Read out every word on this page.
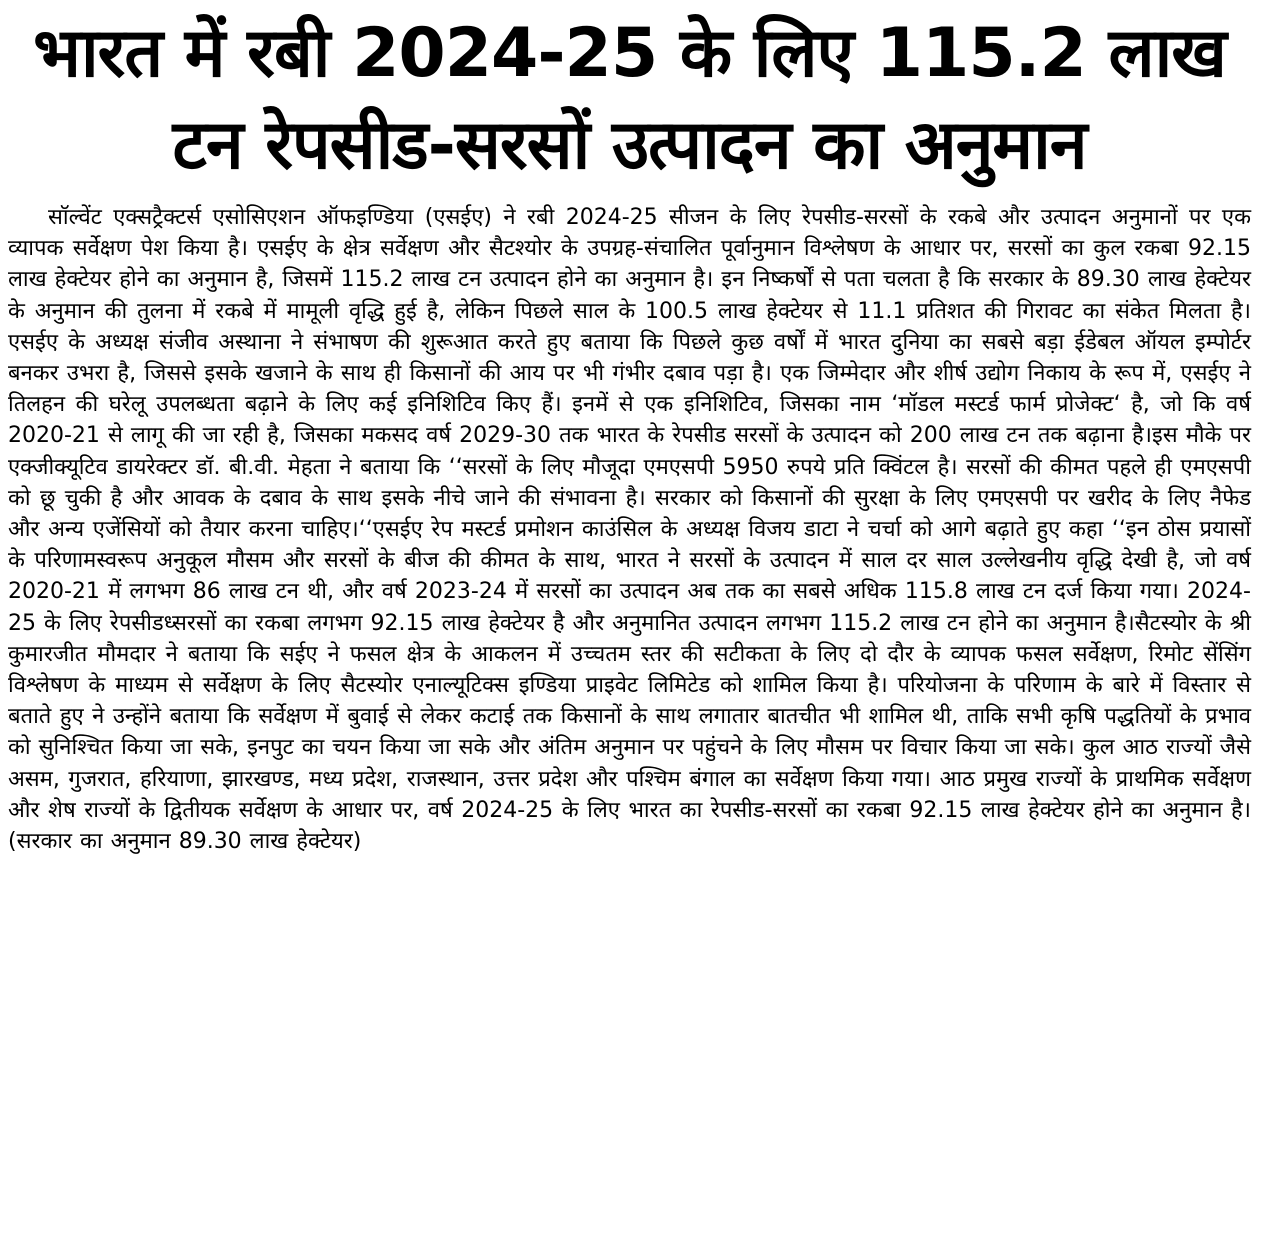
भारत में रबी 2024-25 के लिए 115.2 लाख
टन रेपसीड-सरसों उत्पादन का अनुमान

सॉल्वेंट एक्सट्रैक्टर्स एसोसिएशन ऑफइण्डिया (एसईए) ने रबी 2024-25 सीजन के लिए रेपसीड-सरसों के रकबे और उत्पादन अनुमानों पर एक व्यापक सर्वेक्षण पेश किया है। एसईए के क्षेत्र सर्वेक्षण और सैटश्योर के उपग्रह-संचालित पूर्वानुमान विश्लेषण के आधार पर, सरसों का कुल रकबा 92.15 लाख हेक्टेयर होने का अनुमान है, जिसमें 115.2 लाख टन उत्पादन होने का अनुमान है। इन निष्कर्षों से पता चलता है कि सरकार के 89.30 लाख हेक्टेयर के अनुमान की तुलना में रकबे में मामूली वृद्धि हुई है, लेकिन पिछले साल के 100.5 लाख हेक्टेयर से 11.1 प्रतिशत की गिरावट का संकेत मिलता है।एसईए के अध्यक्ष संजीव अस्थाना ने संभाषण की शुरूआत करते हुए बताया कि पिछले कुछ वर्षों में भारत दुनिया का सबसे बड़ा ईडेबल ऑयल इम्पोर्टर बनकर उभरा है, जिससे इसके खजाने के साथ ही किसानों की आय पर भी गंभीर दबाव पड़ा है। एक जिम्मेदार और शीर्ष उद्योग निकाय के रूप में, एसईए ने तिलहन की घरेलू उपलब्धता बढ़ाने के लिए कई इनिशिटिव किए हैं। इनमें से एक इनिशिटिव, जिसका नाम ‘मॉडल मस्टर्ड फार्म प्रोजेक्ट‘ है, जो कि वर्ष 2020-21 से लागू की जा रही है, जिसका मकसद वर्ष 2029-30 तक भारत के रेपसीड सरसों के उत्पादन को 200 लाख टन तक बढ़ाना है।इस मौके पर एक्जीक्यूटिव डायरेक्टर डॉ. बी.वी. मेहता ने बताया कि ‘‘सरसों के लिए मौजूदा एमएसपी 5950 रुपये प्रति क्विंटल है। सरसों की कीमत पहले ही एमएसपी को छू चुकी है और आवक के दबाव के साथ इसके नीचे जाने की संभावना है। सरकार को किसानों की सुरक्षा के लिए एमएसपी पर खरीद के लिए नैफेड और अन्य एजेंसियों को तैयार करना चाहिए।‘‘एसईए रेप मस्टर्ड प्रमोशन काउंसिल के अध्यक्ष विजय डाटा ने चर्चा को आगे बढ़ाते हुए कहा ‘‘इन ठोस प्रयासों के परिणामस्वरूप अनुकूल मौसम और सरसों के बीज की कीमत के साथ, भारत ने सरसों के उत्पादन में साल दर साल उल्लेखनीय वृद्धि देखी है, जो वर्ष 2020-21 में लगभग 86 लाख टन थी, और वर्ष 2023-24 में सरसों का उत्पादन अब तक का सबसे अधिक 115.8 लाख टन दर्ज किया गया। 2024-25 के लिए रेपसीडध्सरसों का रकबा लगभग 92.15 लाख हेक्टेयर है और अनुमानित उत्पादन लगभग 115.2 लाख टन होने का अनुमान है।सैटस्योर के श्री कुमारजीत मौमदार ने बताया कि सईए ने फसल क्षेत्र के आकलन में उच्चतम स्तर की सटीकता के लिए दो दौर के व्यापक फसल सर्वेक्षण, रिमोट सेंसिंग विश्लेषण के माध्यम से सर्वेक्षण के लिए सैटस्योर एनाल्यूटिक्स इण्डिया प्राइवेट लिमिटेड को शामिल किया है। परियोजना के परिणाम के बारे में विस्तार से बताते हुए ने उन्होंने बताया कि सर्वेक्षण में बुवाई से लेकर कटाई तक किसानों के साथ लगातार बातचीत भी शामिल थी, ताकि सभी कृषि पद्धतियों के प्रभाव को सुनिश्चित किया जा सके, इनपुट का चयन किया जा सके और अंतिम अनुमान पर पहुंचने के लिए मौसम पर विचार किया जा सके। कुल आठ राज्यों जैसे असम, गुजरात, हरियाणा, झारखण्ड, मध्य प्रदेश, राजस्थान, उत्तर प्रदेश और पश्चिम बंगाल का सर्वेक्षण किया गया। आठ प्रमुख राज्यों के प्राथमिक सर्वेक्षण और शेष राज्यों के द्वितीयक सर्वेक्षण के आधार पर, वर्ष 2024-25 के लिए भारत का रेपसीड-सरसों का रकबा 92.15 लाख हेक्टेयर होने का अनुमान है। (सरकार का अनुमान 89.30 लाख हेक्टेयर)
